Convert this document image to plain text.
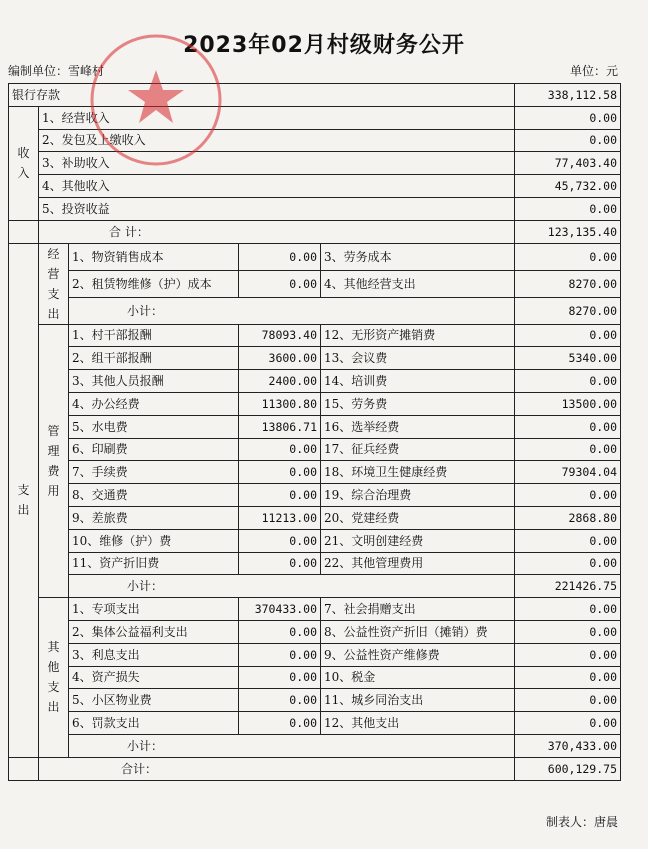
2023年02月村级财务公开
编制单位：雪峰村	单位：元
银行存款					338,112.58

收
入	1、经营收入				0.00
	2、发包及上缴收入				0.00
	3、补助收入				77,403.40
	4、其他收入				45,732.00
	5、投资收益				0.00
	合 计：				123,135.40

支
出	经
营
支
出	1、物资销售成本	0.00	3、劳务成本	0.00
		2、租赁物维修（护）成本	0.00	4、其他经营支出	8270.00
		小计：			8270.00

	管
理
费
用	1、村干部报酬	78093.40	12、无形资产摊销费	0.00
		2、组干部报酬	3600.00	13、会议费	5340.00
		3、其他人员报酬	2400.00	14、培训费	0.00
		4、办公经费	11300.80	15、劳务费	13500.00
		5、水电费	13806.71	16、选举经费	0.00
		6、印刷费	0.00	17、征兵经费	0.00
		7、手续费	0.00	18、环境卫生健康经费	79304.04
		8、交通费	0.00	19、综合治理费	0.00
		9、差旅费	11213.00	20、党建经费	2868.80
		10、维修（护）费	0.00	21、文明创建经费	0.00
		11、资产折旧费	0.00	22、其他管理费用	0.00
		小计：			221426.75

	其
他
支
出	1、专项支出	370433.00	7、社会捐赠支出	0.00
		2、集体公益福利支出	0.00	8、公益性资产折旧（摊销）费	0.00
		3、利息支出	0.00	9、公益性资产维修费	0.00
		4、资产损失	0.00	10、税金	0.00
		5、小区物业费	0.00	11、城乡同治支出	0.00
		6、罚款支出	0.00	12、其他支出	0.00
		小计：			370,433.00
	合计：				600,129.75
制表人：唐晨
